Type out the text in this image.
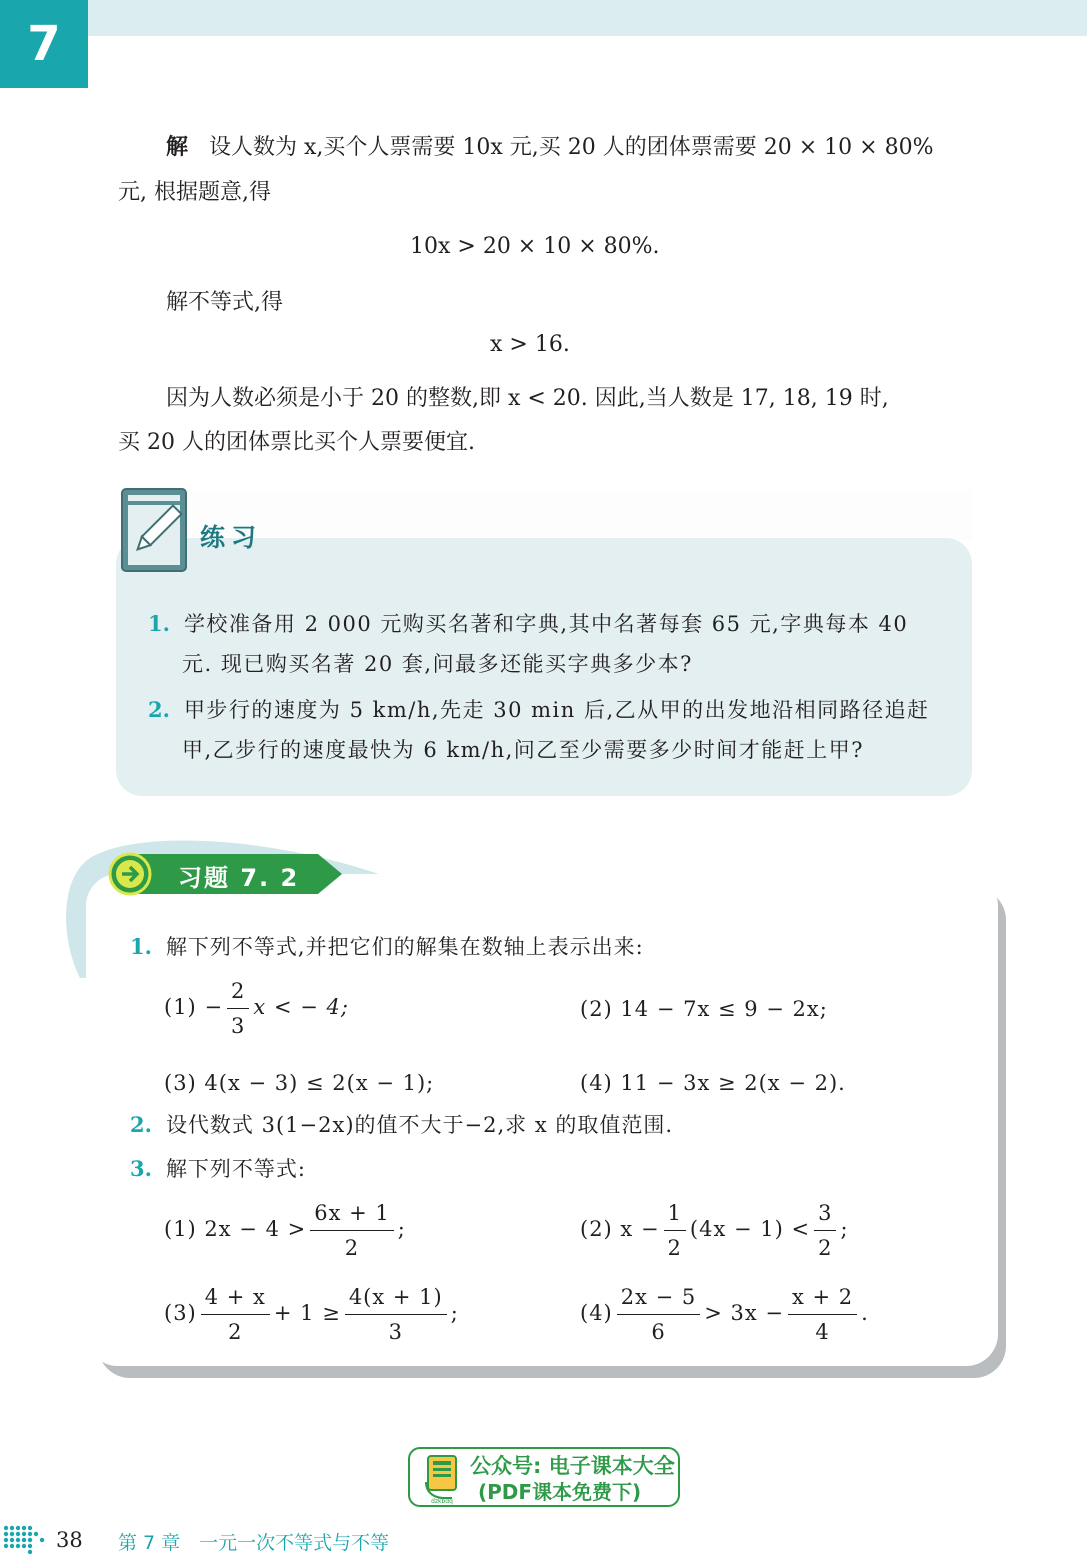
7
解 设人数为 x,买个人票需要 10x 元,买 20 人的团体票需要 20 × 10 × 80%
元, 根据题意,得
10x > 20 × 10 × 80%.
解不等式,得
x > 16.
因为人数必须是小于 20 的整数,即 x < 20. 因此,当人数是 17, 18, 19 时,
买 20 人的团体票比买个人票要便宜.
练习
1. 学校准备用 2 000 元购买名著和字典,其中名著每套 65 元,字典每本 40
元. 现已购买名著 20 套,问最多还能买字典多少本?
2. 甲步行的速度为 5 km/h,先走 30 min 后,乙从甲的出发地沿相同路径追赶
甲,乙步行的速度最快为 6 km/h,问乙至少需要多少时间才能赶上甲?
习题 7. 2
1. 解下列不等式,并把它们的解集在数轴上表示出来:
$(1) - \frac{2}{3}$ x < − 4;	(2) 14 − 7x ≤ 9 − 2x;
(3) 4(x − 3) ≤ 2(x − 1);	(4) 11 − 3x ≥ 2(x − 2).
2. 设代数式 3(1−2x)的值不大于−2,求 x 的取值范围.
3. 解下列不等式:
(1) $2x - 4 > \frac{6x + 1}{2}$ ;	(2) $x - \frac{1}{2} (4x - 1) < \frac{3}{2}$ ;
$(3) \frac{4 + x}{2} + 1 \ge \frac{4(x + 1)}{3}$ ;	$(4) \frac{2x - 5}{6} > 3x - \frac{x + 2}{4}$ .
38 第 7 章　一元一次不等式与不等
dzkbdq
公众号: 电子课本大全
(PDF课本免费下)
